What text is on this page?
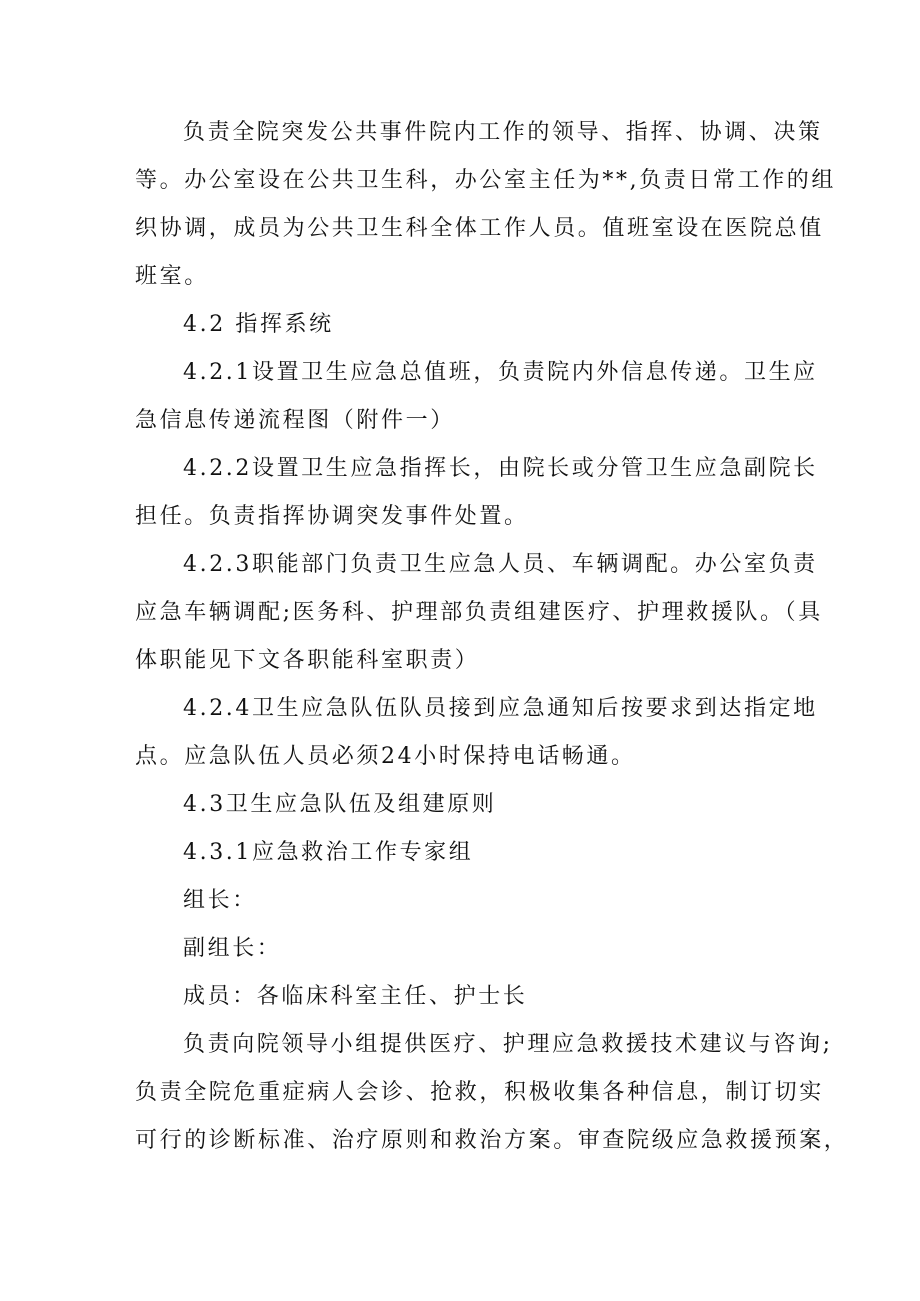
负责全院突发公共事件院内工作的领导、指挥、协调、决策
等。办公室设在公共卫生科，办公室主任为**,负责日常工作的组
织协调，成员为公共卫生科全体工作人员。值班室设在医院总值
班室。
4.2 指挥系统
4.2.1设置卫生应急总值班，负责院内外信息传递。卫生应
急信息传递流程图（附件一）
4.2.2设置卫生应急指挥长，由院长或分管卫生应急副院长
担任。负责指挥协调突发事件处置。
4.2.3职能部门负责卫生应急人员、车辆调配。办公室负责
应急车辆调配;医务科、护理部负责组建医疗、护理救援队。（具
体职能见下文各职能科室职责）
4.2.4卫生应急队伍队员接到应急通知后按要求到达指定地
点。应急队伍人员必须24小时保持电话畅通。
4.3卫生应急队伍及组建原则
4.3.1应急救治工作专家组
组长：
副组长：
成员：各临床科室主任、护士长
负责向院领导小组提供医疗、护理应急救援技术建议与咨询;
负责全院危重症病人会诊、抢救，积极收集各种信息，制订切实
可行的诊断标准、治疗原则和救治方案。审查院级应急救援预案，
